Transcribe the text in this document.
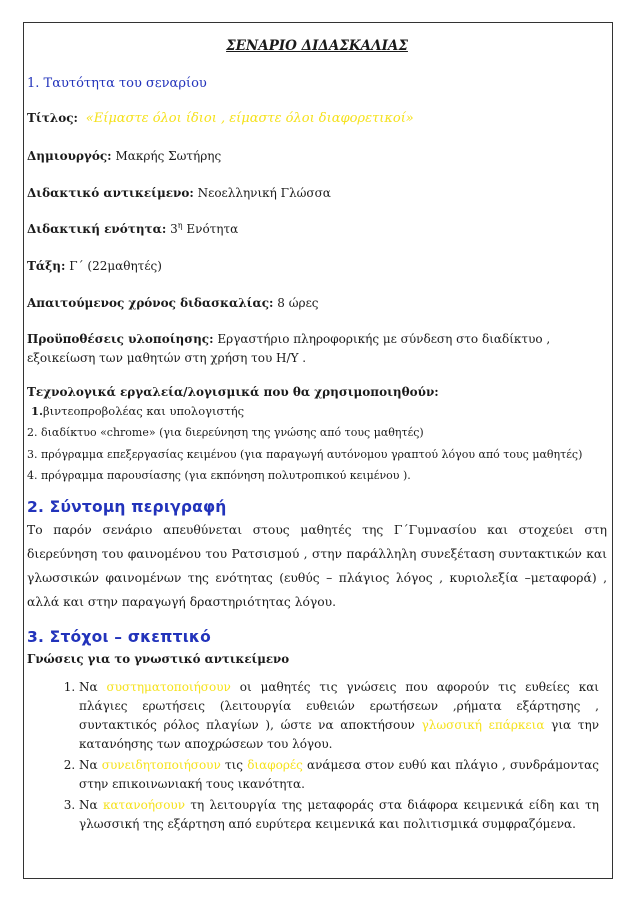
ΣΕΝΑΡΙΟ ΔΙΔΑΣΚΑΛΙΑΣ
1. Ταυτότητα του σεναρίου

Τίτλος: «Είμαστε όλοι ίδιοι , είμαστε όλοι διαφορετικοί»

Δημιουργός: Μακρής Σωτήρης

Διδακτικό αντικείμενο: Νεοελληνική Γλώσσα

Διδακτική ενότητα: $3^\eta$ Ενότητα

Τάξη: Γ΄ (22μαθητές)

Απαιτούμενος χρόνος διδασκαλίας: 8 ώρες

Προϋποθέσεις υλοποίησης: Εργαστήριο πληροφορικής με σύνδεση στο διαδίκτυο , εξοικείωση των μαθητών στη χρήση του Η/Υ .

Τεχνολογικά εργαλεία/λογισμικά που θα χρησιμοποιηθούν:
1.βιντεοπροβολέας και υπολογιστής
2. διαδίκτυο «chrome» (για διερεύνηση της γνώσης από τους μαθητές)
3. πρόγραμμα επεξεργασίας κειμένου (για παραγωγή αυτόνομου γραπτού λόγου από τους μαθητές)
4. πρόγραμμα παρουσίασης (για εκπόνηση πολυτροπικού κειμένου ).
2. Σύντομη περιγραφή

Το παρόν σενάριο απευθύνεται στους μαθητές της Γ΄Γυμνασίου και στοχεύει στη διερεύνηση του φαινομένου του Ρατσισμού , στην παράλληλη συνεξέταση συντακτικών και γλωσσικών φαινομένων της ενότητας (ευθύς – πλάγιος λόγος , κυριολεξία –μεταφορά) , αλλά και στην παραγωγή δραστηριότητας λόγου.

3. Στόχοι – σκεπτικό
Γνώσεις για το γνωστικό αντικείμενο
1. Να συστηματοποιήσουν οι μαθητές τις γνώσεις που αφορούν τις ευθείες και πλάγιες ερωτήσεις (λειτουργία ευθειών ερωτήσεων ,ρήματα εξάρτησης , συντακτικός ρόλος πλαγίων ), ώστε να αποκτήσουν γλωσσική επάρκεια για την κατανόησης των αποχρώσεων του λόγου.
2. Να συνειδητοποιήσουν τις διαφορές ανάμεσα στον ευθύ και πλάγιο , συνδράμοντας στην επικοινωνιακή τους ικανότητα.
3. Να κατανοήσουν τη λειτουργία της μεταφοράς στα διάφορα κειμενικά είδη και τη γλωσσική της εξάρτηση από ευρύτερα κειμενικά και πολιτισμικά συμφραζόμενα.
